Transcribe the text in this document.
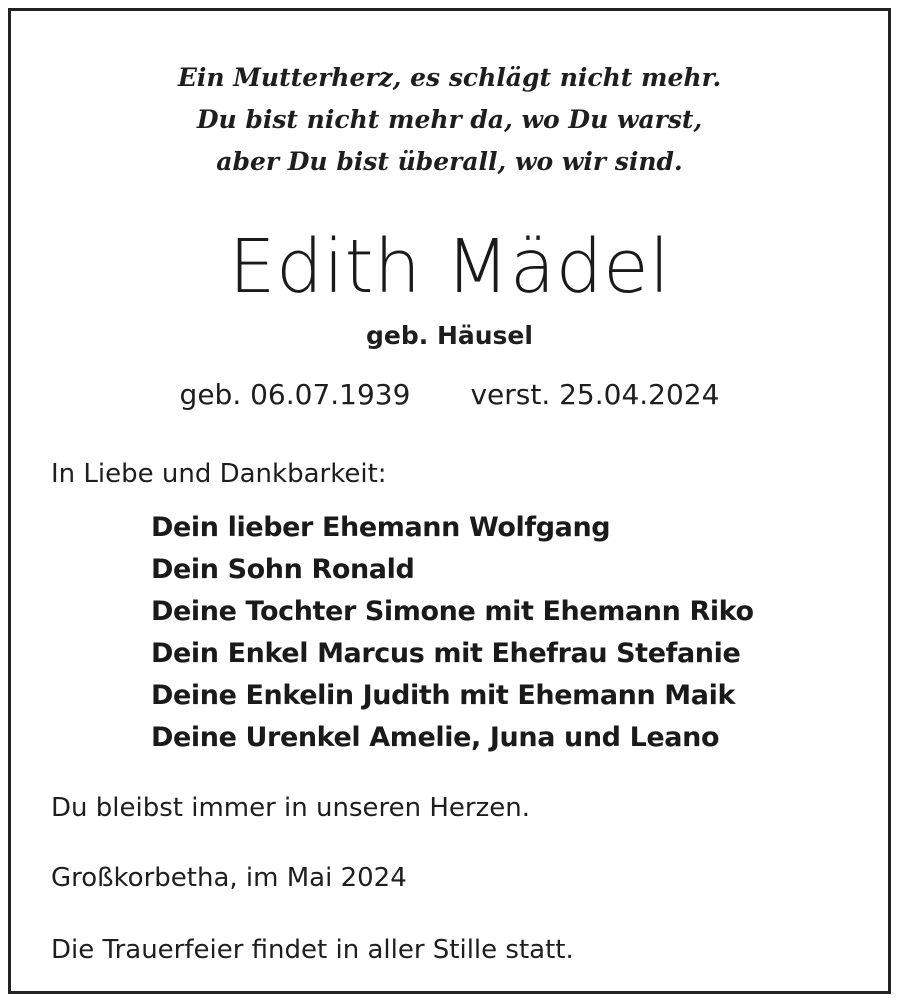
Ein Mutterherz, es schlägt nicht mehr.
Du bist nicht mehr da, wo Du warst,
aber Du bist überall, wo wir sind.
Edith Mädel
geb. Häusel
geb. 06.07.1939 verst. 25.04.2024
In Liebe und Dankbarkeit:
Dein lieber Ehemann Wolfgang
Dein Sohn Ronald
Deine Tochter Simone mit Ehemann Riko
Dein Enkel Marcus mit Ehefrau Stefanie
Deine Enkelin Judith mit Ehemann Maik
Deine Urenkel Amelie, Juna und Leano
Du bleibst immer in unseren Herzen.
Großkorbetha, im Mai 2024
Die Trauerfeier findet in aller Stille statt.
